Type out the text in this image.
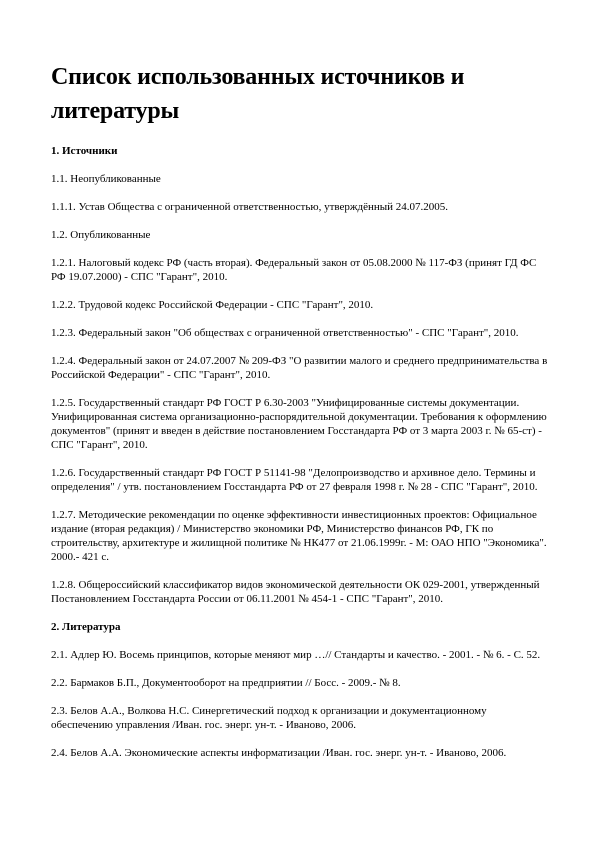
Список использованных источников и литературы

1. Источники

1.1. Неопубликованные

1.1.1. Устав Общества с ограниченной ответственностью, утверждённый 24.07.2005.

1.2. Опубликованные

1.2.1. Налоговый кодекс РФ (часть вторая). Федеральный закон от 05.08.2000 № 117-ФЗ (принят ГД ФС РФ 19.07.2000) - СПС "Гарант", 2010.

1.2.2. Трудовой кодекс Российской Федерации - СПС "Гарант", 2010.

1.2.3. Федеральный закон "Об обществах с ограниченной ответственностью" - СПС "Гарант", 2010.

1.2.4. Федеральный закон от 24.07.2007 № 209-ФЗ "О развитии малого и среднего предпринимательства в Российской Федерации" - СПС "Гарант", 2010.

1.2.5. Государственный стандарт РФ ГОСТ Р 6.30-2003 "Унифицированные системы документации. Унифицированная система организационно-распорядительной документации. Требования к оформлению документов" (принят и введен в действие постановлением Госстандарта РФ от 3 марта 2003 г. № 65-ст) - СПС "Гарант", 2010.

1.2.6. Государственный стандарт РФ ГОСТ Р 51141-98 "Делопроизводство и архивное дело. Термины и определения" / утв. постановлением Госстандарта РФ от 27 февраля 1998 г. № 28 - СПС "Гарант", 2010.

1.2.7. Методические рекомендации по оценке эффективности инвестиционных проектов: Официальное издание (вторая редакция) / Министерство экономики РФ, Министерство финансов РФ, ГК по строительству, архитектуре и жилищной политике № НК477 от 21.06.1999г. - М: ОАО НПО "Экономика". 2000.- 421 с.

1.2.8. Общероссийский классификатор видов экономической деятельности ОК 029-2001, утвержденный Постановлением Госстандарта России от 06.11.2001 № 454-1 - СПС "Гарант", 2010.

2. Литература

2.1. Адлер Ю. Восемь принципов, которые меняют мир …// Стандарты и качество. - 2001. - № 6. - С. 52.

2.2. Бармаков Б.П., Документооборот на предприятии // Босс. - 2009.- № 8.

2.3. Белов А.А., Волкова Н.С. Синергетический подход к организации и документационному обеспечению управления /Иван. гос. энерг. ун-т. - Иваново, 2006.

2.4. Белов А.А. Экономические аспекты информатизации /Иван. гос. энерг. ун-т. - Иваново, 2006.
